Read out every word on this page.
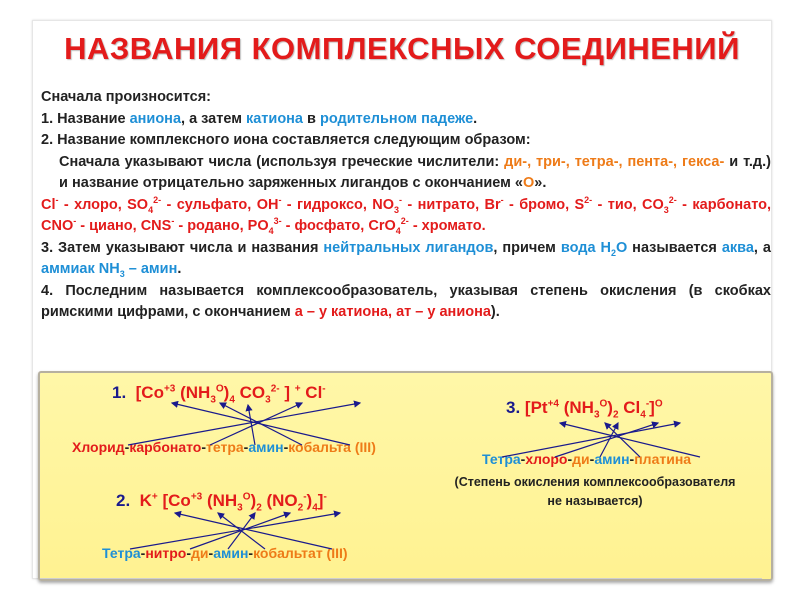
НАЗВАНИЯ КОМПЛЕКСНЫХ СОЕДИНЕНИЙ

Сначала произносится:

1. Название аниона, а затем катиона в родительном падеже.

2. Название комплексного иона составляется следующим образом:

Сначала указывают числа (используя греческие числители: ди-, три-, тетра-, пента-, гекса- и т.д.) и название отрицательно заряженных лигандов с окончанием «О».

Cl- - хлоро, $SO_4^{2-}$ - сульфато, OH- - гидроксо, $NO_3^-$ - нитрато, Br- - бромо, $S^{2-}$ - тио, $CO_3^{2-}$ - карбонато, CNO- - циано, CNS- - родано, $PO_4^{3-}$ - фосфато, CrO$_4^{2-}$ - хромато.

3. Затем указывают числа и названия нейтральных лигандов, причем вода $H_2O$ называется аква, а аммиак $NH_3$ – амин.

4. Последним называется комплексообразователь, указывая степень окисления (в скобках римскими цифрами, с окончанием а – у катиона, ат – у аниона).

1.  [$Co^{+3}$ $(NH_3^O)_4$ $CO_3^{2-}$ ] + Cl-
Хлорид-карбонато-тетра-амин-кобальта (III)
2.  K+ [$Co^{+3}$ $(NH_3^O)_2$ $(NO_2^-)_4]^-$
Тетра-нитро-ди-амин-кобальтат (III)
3. [$Pt^{+4}$ $(NH_3^O)_2$ $Cl_4^-]^O$
Тетра-хлоро-ди-амин-платина
(Степень окисления комплексообразователя
не называется)
